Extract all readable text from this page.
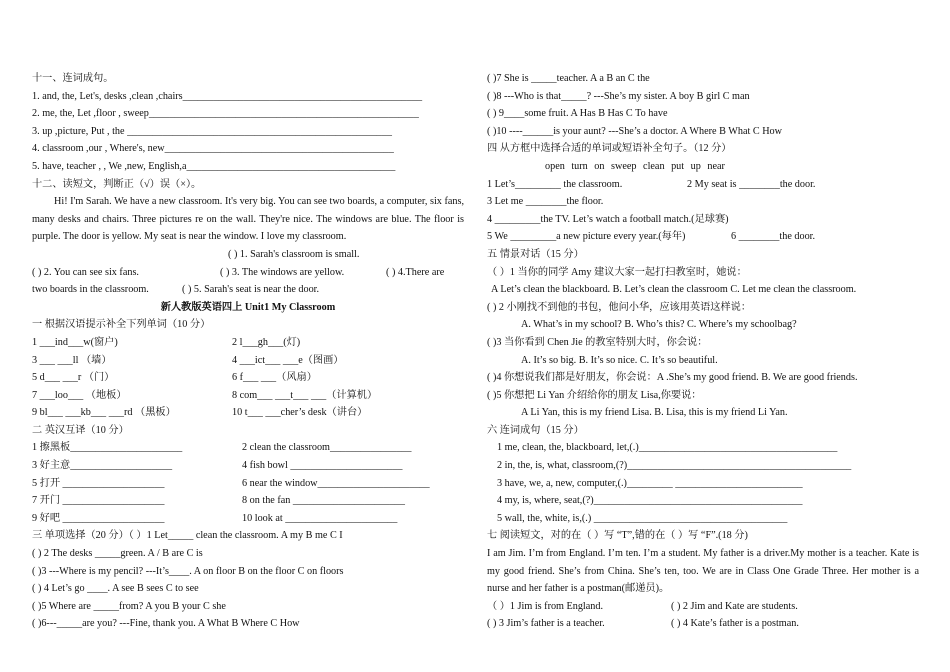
十一、连词成句。
1. and, the, Let's, desks ,clean ,chairs_______________________________________________
2. me, the, Let ,floor , sweep_____________________________________________________
3. up ,picture, Put , the ____________________________________________________
4. classroom ,our , Where's, new_____________________________________________
5. have, teacher , , We ,new, English,a_________________________________________
十二、读短文，判断正（√）误（×）。
Hi! I'm Sarah. We have a new classroom. It's very big. You can see two boards, a computer, six fans, many desks and chairs. Three pictures re on the wall. They're nice. The windows are blue. The floor is purple. The door is yellow. My seat is near the window. I love my classroom.
( ) 1. Sarah's classroom is small.
( ) 2. You can see six fans.	( ) 3. The windows are yellow.	( ) 4.There are
two boards in the classroom.	( ) 5. Sarah's seat is near the door.
新人教版英语四上 Unit1 My Classroom
一 根据汉语提示补全下列单词（10 分）
1 ___ind___w(窗户)	2 l___gh___(灯)
3 ___ ___ll （墙）	4 ___ict___ ___e（图画）
5 d___ ___r （门）	6 f___ ___（风扇）
7 ___loo___ （地板）	8 com___ ___t___ ___（计算机）
9 bl___ ___kb___ ___rd （黑板）	10 t___ ___cher’s desk（讲台）
二 英汉互译（10 分）
1 擦黑板______________________	2 clean the classroom________________
3 好主意____________________	4 fish bowl ______________________
5 打开 ____________________	6 near the window______________________
7 开门 ____________________	8 on the fan ______________________
9 好吧 ____________________	10 look at ______________________
三 单项选择（20 分）（ ）1 Let_____ clean the classroom. A my B me C I
( ) 2 The desks _____green. A / B are C is
( )3 ---Where is my pencil? ---It’s____. A on floor B on the floor C on floors
( ) 4 Let’s go ____. A see B sees C to see
( )5 Where are _____from? A you B your C she
( )6---_____are you? ---Fine, thank you. A What B Where C How
( )7 She is _____teacher. A a B an C the
( )8 ---Who is that_____? ---She’s my sister. A boy B girl C man
( ) 9____some fruit. A Has B Has C To have
( )10 ----______is your aunt? ---She’s a doctor. A Where B What C How
四 从方框中选择合适的单词或短语补全句子。（12 分）
open turn on sweep clean put up near
1 Let’s_________ the classroom.	2 My seat is ________the door.
3 Let me ________the floor.
4 _________the TV. Let’s watch a football match.(足球赛)
5 We _________a new picture every year.(每年)	6 ________the door.
五 情景对话（15 分）
（ ）1 当你的同学 Amy 建议大家一起打扫教室时，她说：
A Let’s clean the blackboard. B. Let’s clean the classroom C. Let me clean the classroom.
( ) 2 小刚找不到他的书包，他问小华，应该用英语这样说：
A. What’s in my school? B. Who’s this? C. Where’s my schoolbag?
( )3 当你看到 Chen Jie 的教室特别大时，你会说：
A. It’s so big. B. It’s so nice. C. It’s so beautiful.
( )4 你想说我们都是好朋友，你会说：A .She’s my good friend. B. We are good friends.
( )5 你想把 Li Yan 介绍给你的朋友 Lisa,你要说：
A Li Yan, this is my friend Lisa. B. Lisa, this is my friend Li Yan.
六 连词成句（15 分）
1 me, clean, the, blackboard, let,(.)_______________________________________
2 in, the, is, what, classroom,(?)____________________________________________
3 have, we, a, new, computer,(.)_________ _________________________
4 my, is, where, seat,(?)_________________________________________
5 wall, the, white, is,(.) ______________________________________
七 阅读短文，对的在（ ）写 “T”,错的在（ ）写 “F”.(18 分)
I am Jim. I’m from England. I’m ten. I’m a student. My father is a driver.My mother is a teacher. Kate is my good friend. She’s from China. She’s ten, too. We are in Class One Grade Three. Her mother is a nurse and her father is a postman(邮递员)。
（ ）1 Jim is from England.	( ) 2 Jim and Kate are students.
( ) 3 Jim’s father is a teacher.	( ) 4 Kate’s father is a postman.
